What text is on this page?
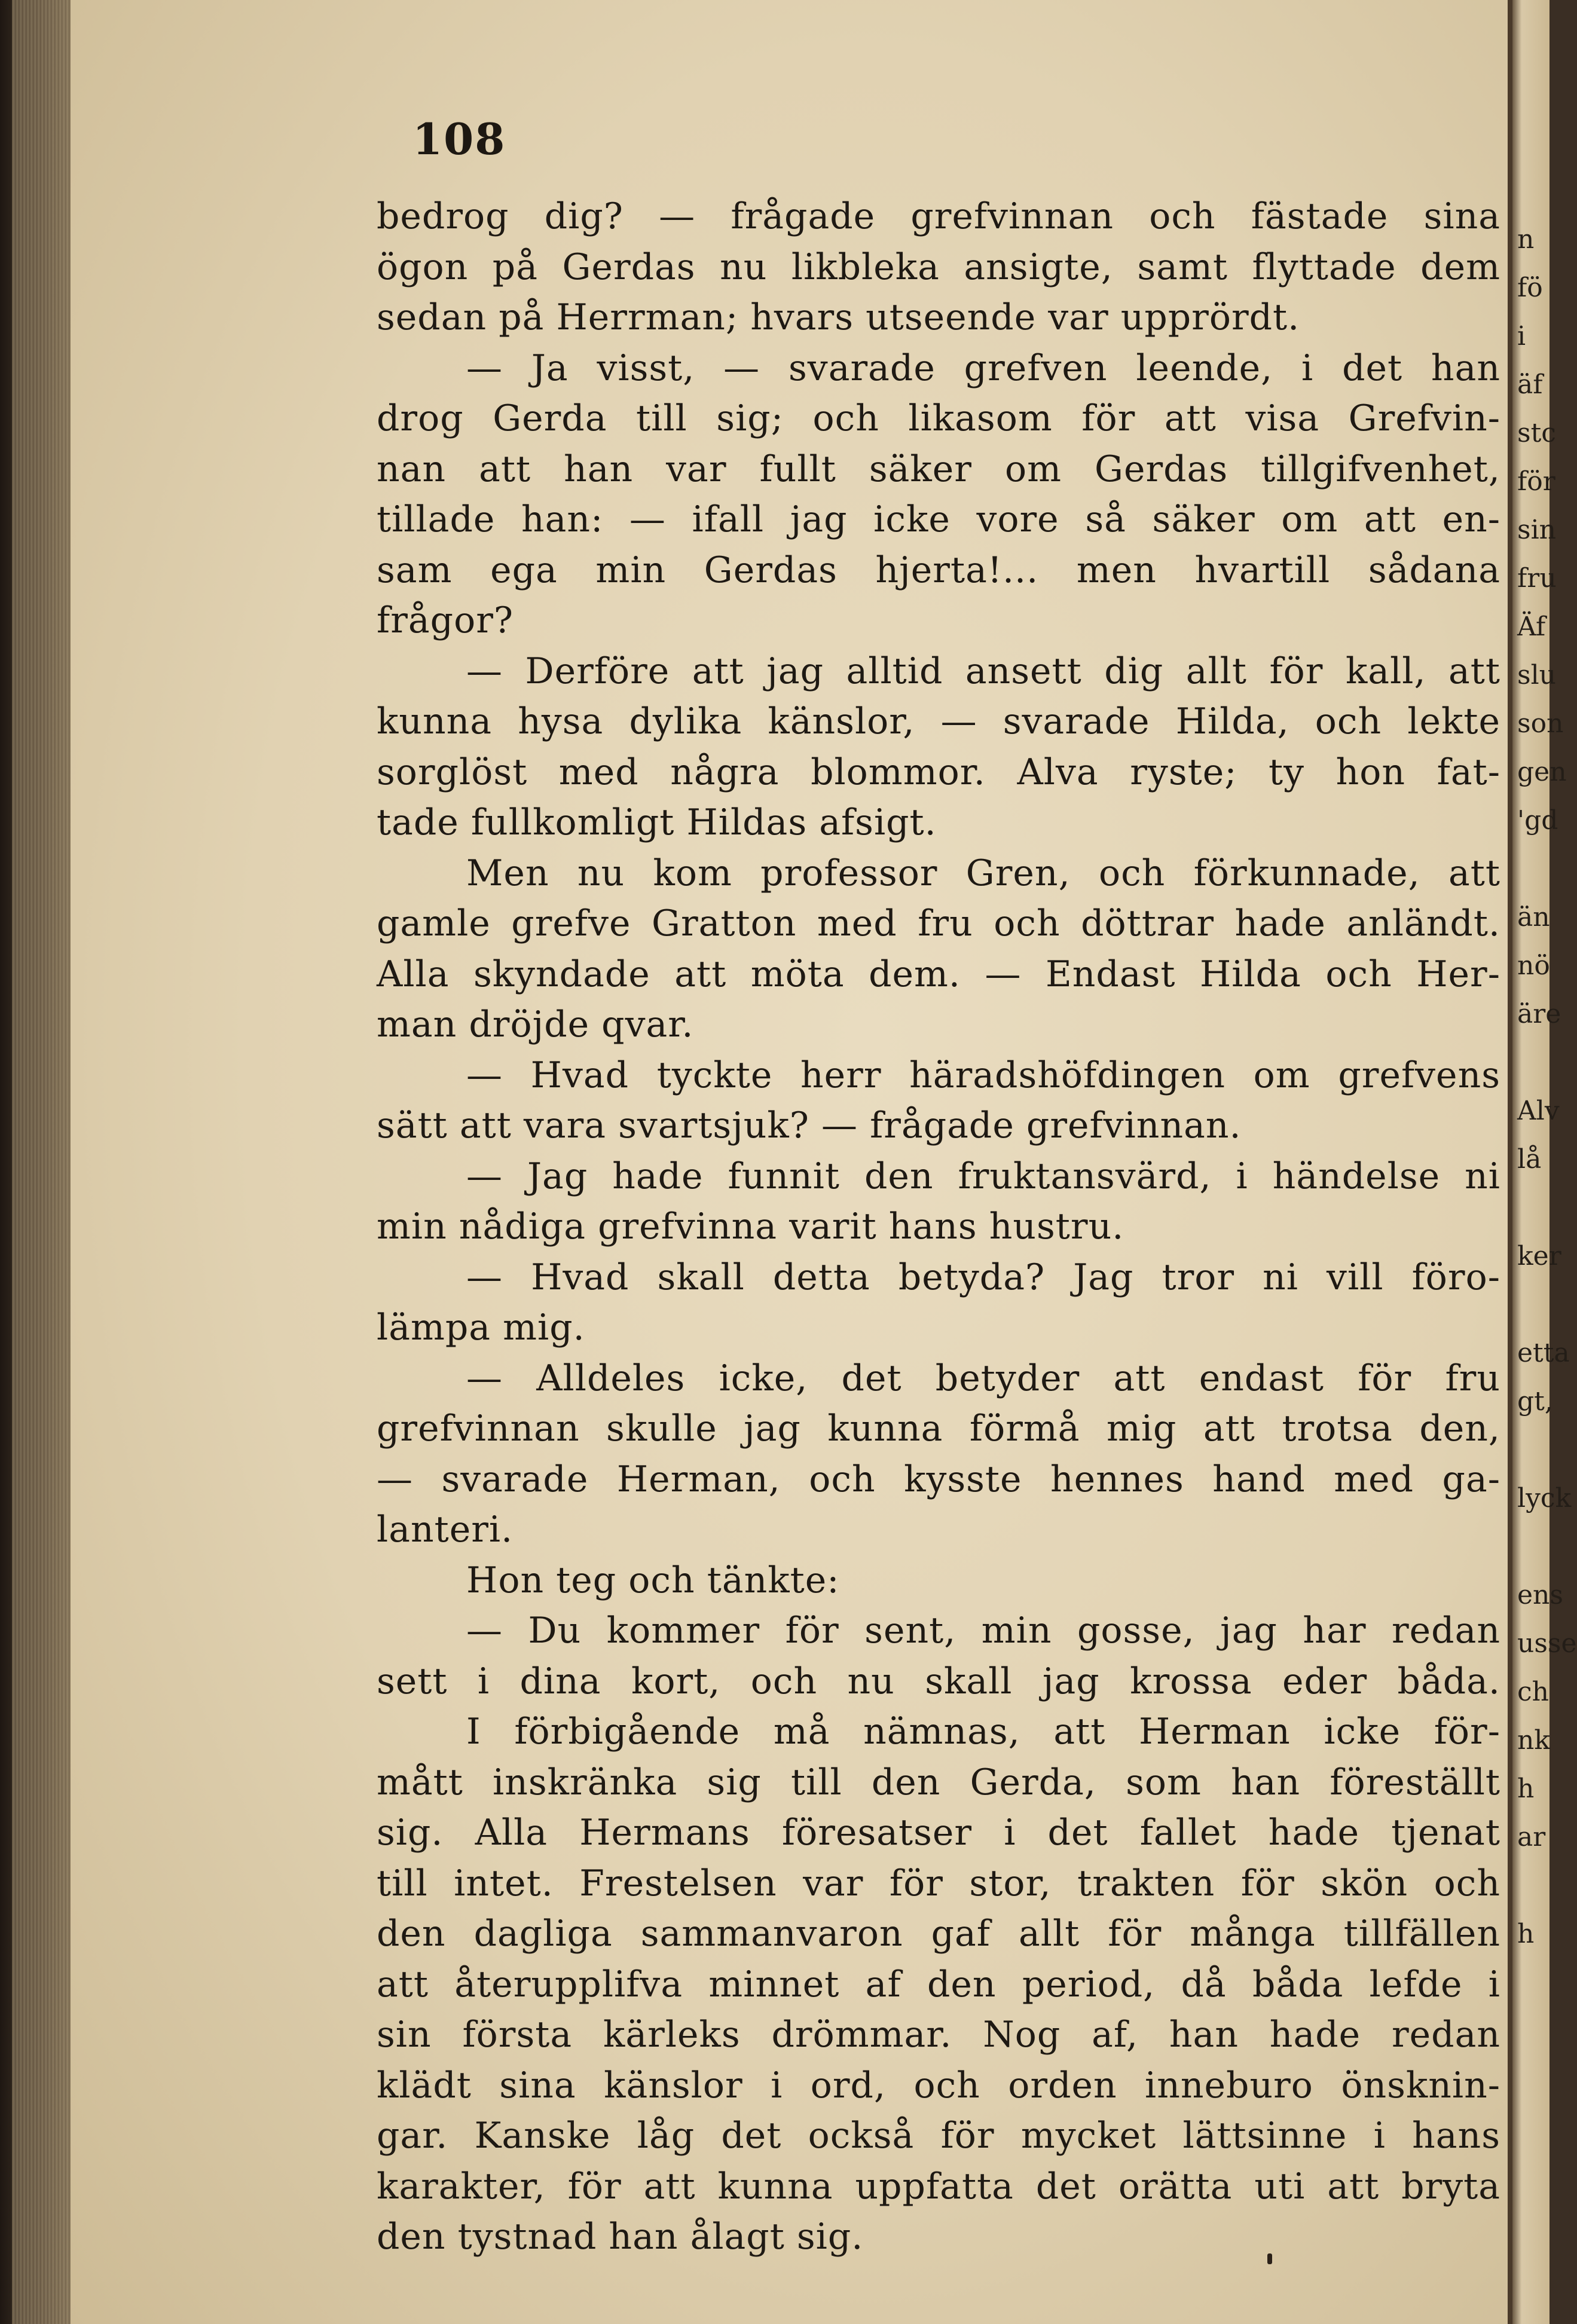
n
fö
i
äf
stc
för
sin
fru
Äf
slu
son
gen
'gd
än
nö
äre
Alv
lå
ker
etta
gt,
lyck
ens
usse
ch
nk
h
ar
h
108
bedrog dig? — frågade grefvinnan och fästade sina
ögon på Gerdas nu likbleka ansigte, samt flyttade dem
sedan på Herrman; hvars utseende var upprördt.
— Ja visst, — svarade grefven leende, i det han
drog Gerda till sig; och likasom för att visa Grefvin-
nan att han var fullt säker om Gerdas tillgifvenhet,
tillade han: — ifall jag icke vore så säker om att en-
sam ega min Gerdas hjerta!... men hvartill sådana
frågor?
— Derföre att jag alltid ansett dig allt för kall, att
kunna hysa dylika känslor, — svarade Hilda, och lekte
sorglöst med några blommor. Alva ryste; ty hon fat-
tade fullkomligt Hildas afsigt.
Men nu kom professor Gren, och förkunnade, att
gamle grefve Gratton med fru och döttrar hade anländt.
Alla skyndade att möta dem. — Endast Hilda och Her-
man dröjde qvar.
— Hvad tyckte herr häradshöfdingen om grefvens
sätt att vara svartsjuk? — frågade grefvinnan.
— Jag hade funnit den fruktansvärd, i händelse ni
min nådiga grefvinna varit hans hustru.
— Hvad skall detta betyda? Jag tror ni vill föro-
lämpa mig.
— Alldeles icke, det betyder att endast för fru
grefvinnan skulle jag kunna förmå mig att trotsa den,
— svarade Herman, och kysste hennes hand med ga-
lanteri.
Hon teg och tänkte:
— Du kommer för sent, min gosse, jag har redan
sett i dina kort, och nu skall jag krossa eder båda.
I förbigående må nämnas, att Herman icke för-
mått inskränka sig till den Gerda, som han föreställt
sig. Alla Hermans föresatser i det fallet hade tjenat
till intet. Frestelsen var för stor, trakten för skön och
den dagliga sammanvaron gaf allt för många tillfällen
att återupplifva minnet af den period, då båda lefde i
sin första kärleks drömmar. Nog af, han hade redan
klädt sina känslor i ord, och orden inneburo önsknin-
gar. Kanske låg det också för mycket lättsinne i hans
karakter, för att kunna uppfatta det orätta uti att bryta
den tystnad han ålagt sig.
